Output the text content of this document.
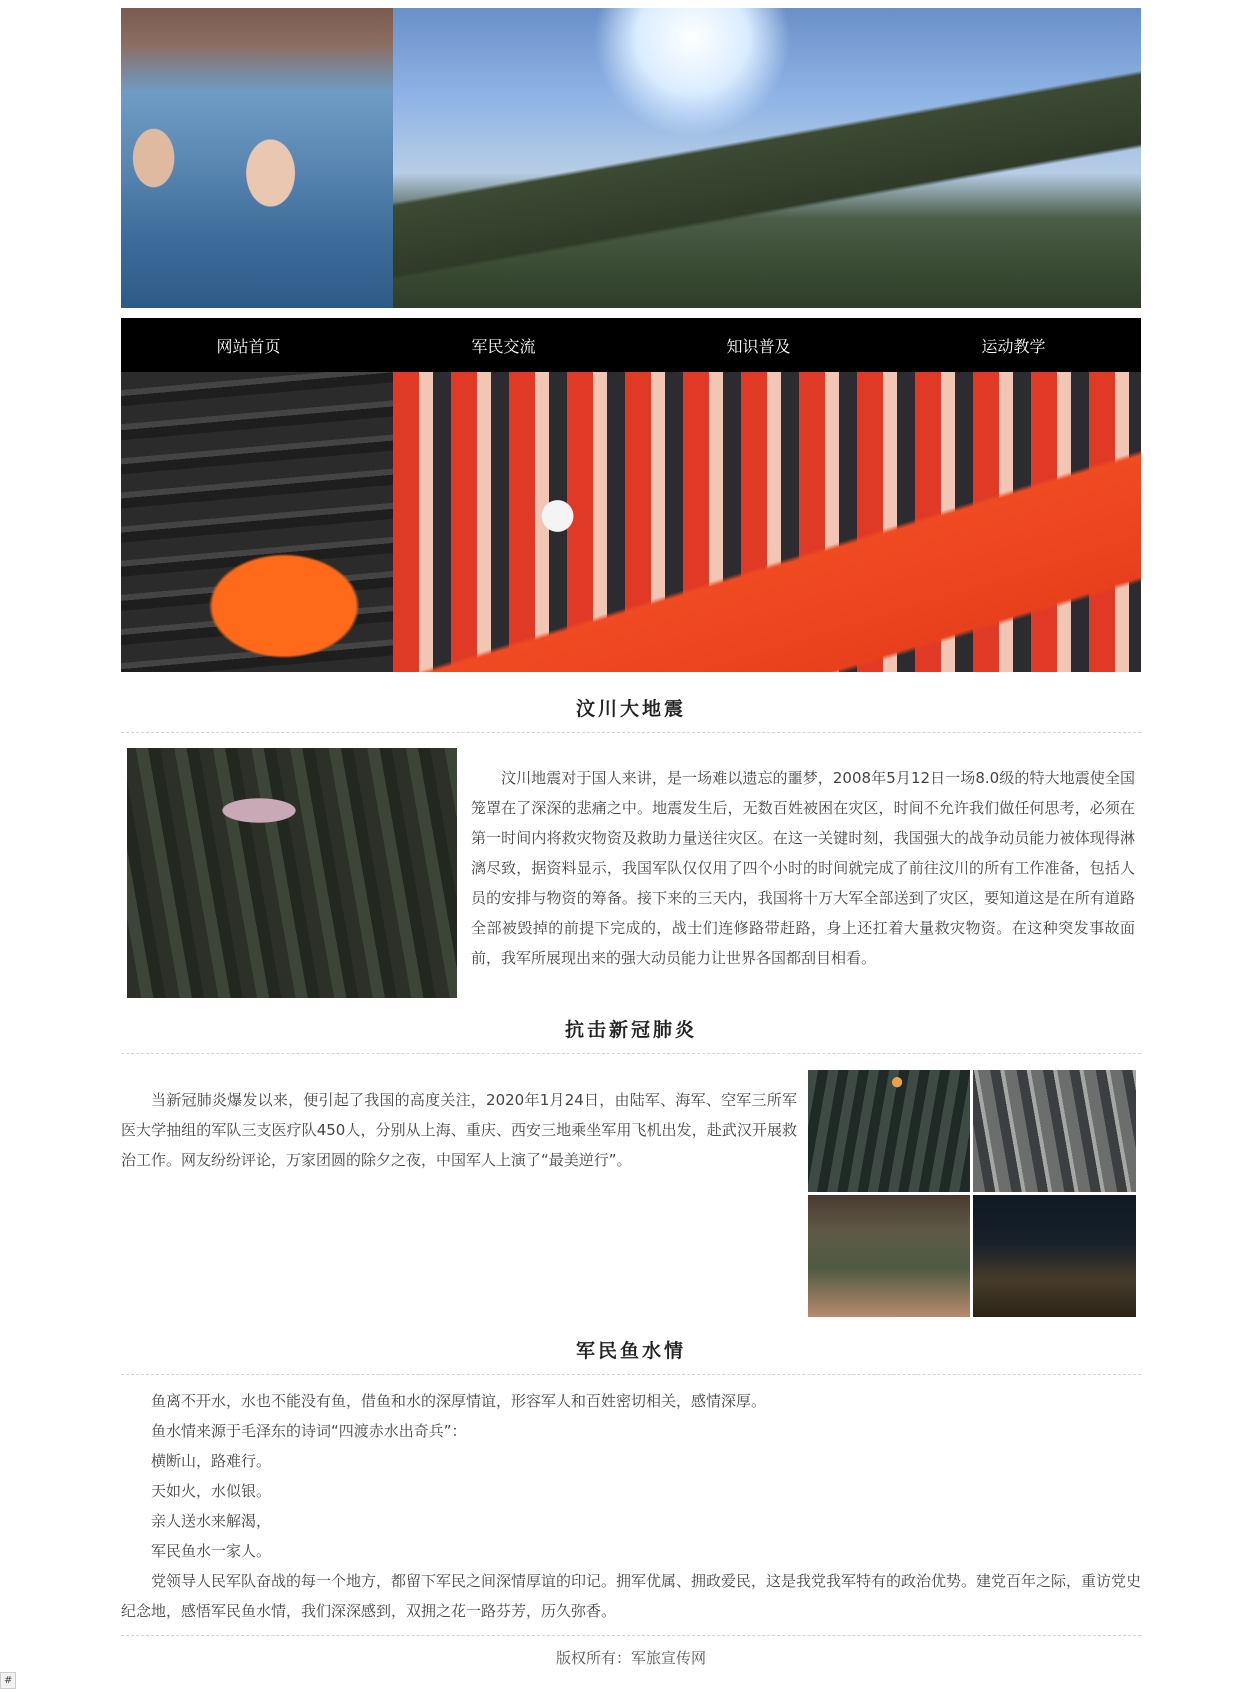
网站首页	军民交流	知识普及	运动教学
汶川大地震

汶川地震对于国人来讲，是一场难以遗忘的噩梦，2008年5月12日一场8.0级的特大地震使全国笼罩在了深深的悲痛之中。地震发生后，无数百姓被困在灾区，时间不允许我们做任何思考，必须在第一时间内将救灾物资及救助力量送往灾区。在这一关键时刻，我国强大的战争动员能力被体现得淋漓尽致，据资料显示，我国军队仅仅用了四个小时的时间就完成了前往汶川的所有工作准备，包括人员的安排与物资的筹备。接下来的三天内，我国将十万大军全部送到了灾区，要知道这是在所有道路全部被毁掉的前提下完成的，战士们连修路带赶路，身上还扛着大量救灾物资。在这种突发事故面前，我军所展现出来的强大动员能力让世界各国都刮目相看。

抗击新冠肺炎

当新冠肺炎爆发以来，便引起了我国的高度关注，2020年1月24日，由陆军、海军、空军三所军医大学抽组的军队三支医疗队450人，分别从上海、重庆、西安三地乘坐军用飞机出发，赴武汉开展救治工作。网友纷纷评论，万家团圆的除夕之夜，中国军人上演了“最美逆行”。

军民鱼水情

鱼离不开水，水也不能没有鱼，借鱼和水的深厚情谊，形容军人和百姓密切相关，感情深厚。

鱼水情来源于毛泽东的诗词“四渡赤水出奇兵”：

横断山，路难行。

天如火，水似银。

亲人送水来解渴，

军民鱼水一家人。

党领导人民军队奋战的每一个地方，都留下军民之间深情厚谊的印记。拥军优属、拥政爱民，这是我党我军特有的政治优势。建党百年之际，重访党史纪念地，感悟军民鱼水情，我们深深感到，双拥之花一路芬芳，历久弥香。

版权所有：军旅宣传网
#
